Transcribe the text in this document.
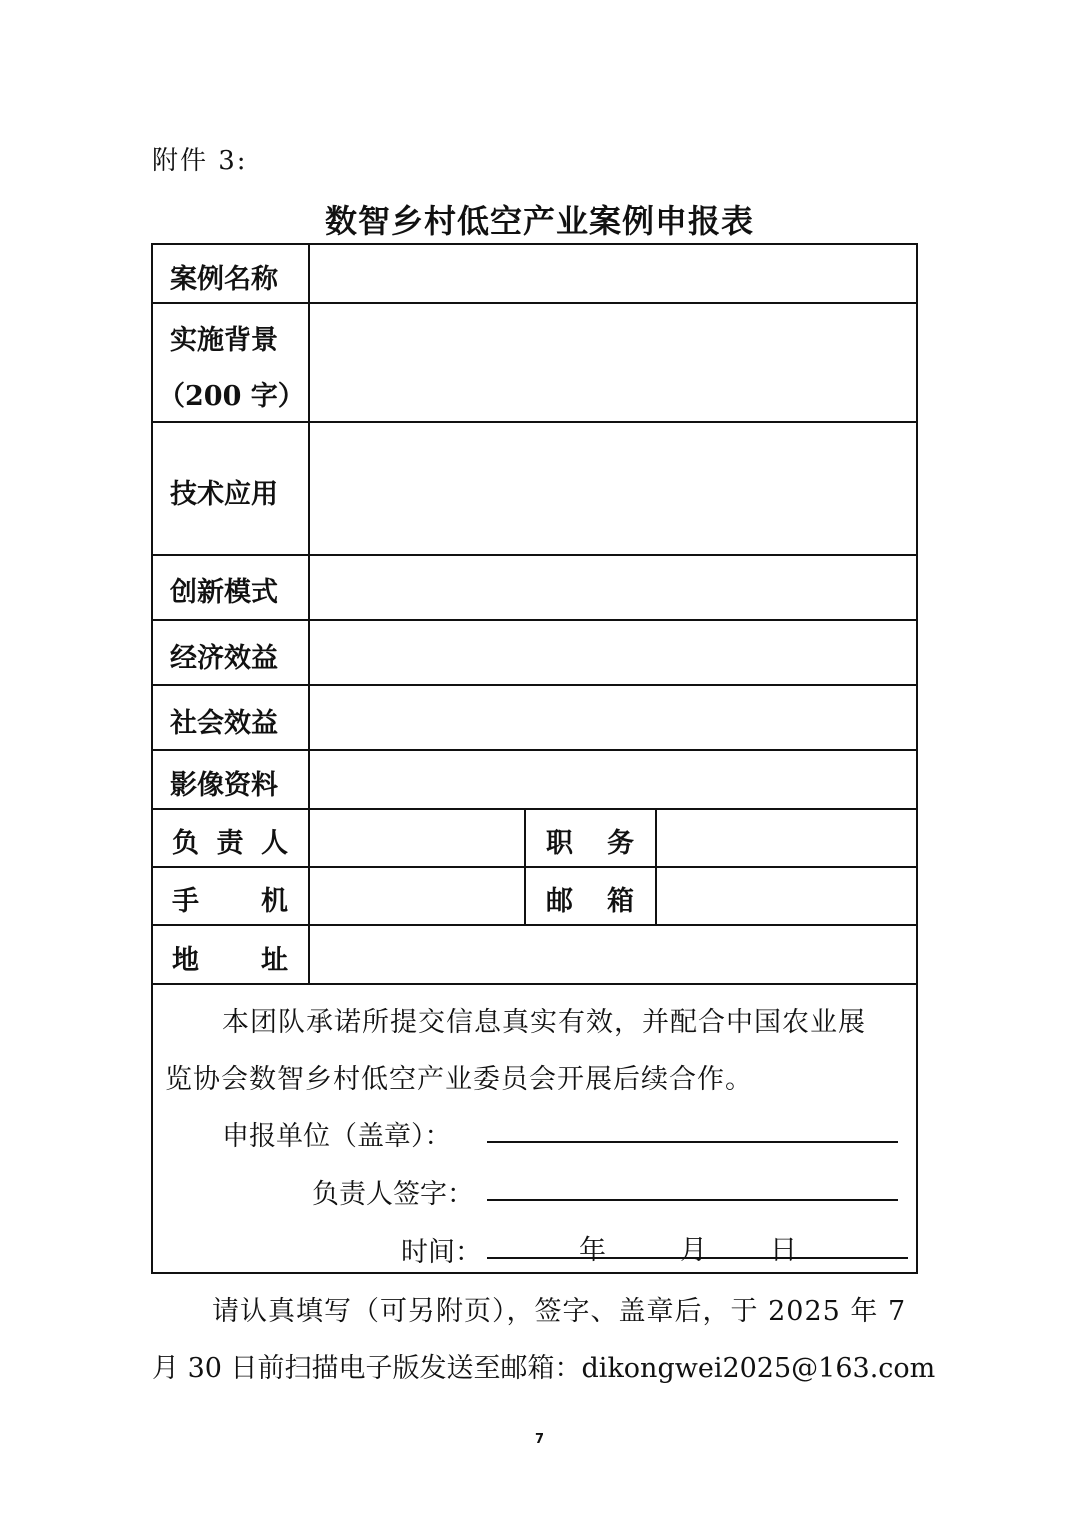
附件 3:
数智乡村低空产业案例申报表
案例名称
实施背景
（200 字）
技术应用
创新模式
经济效益
社会效益
影像资料
负 责 人	职 务
手 机	邮 箱
地 址
本团队承诺所提交信息真实有效，并配合中国农业展
览协会数智乡村低空产业委员会开展后续合作。
申报单位（盖章）：
负责人签字：
时间：	年	月 日
请认真填写（可另附页），签字、盖章后，于 2025 年 7
月 30 日前扫描电子版发送至邮箱：dikongwei2025@163.com
7
